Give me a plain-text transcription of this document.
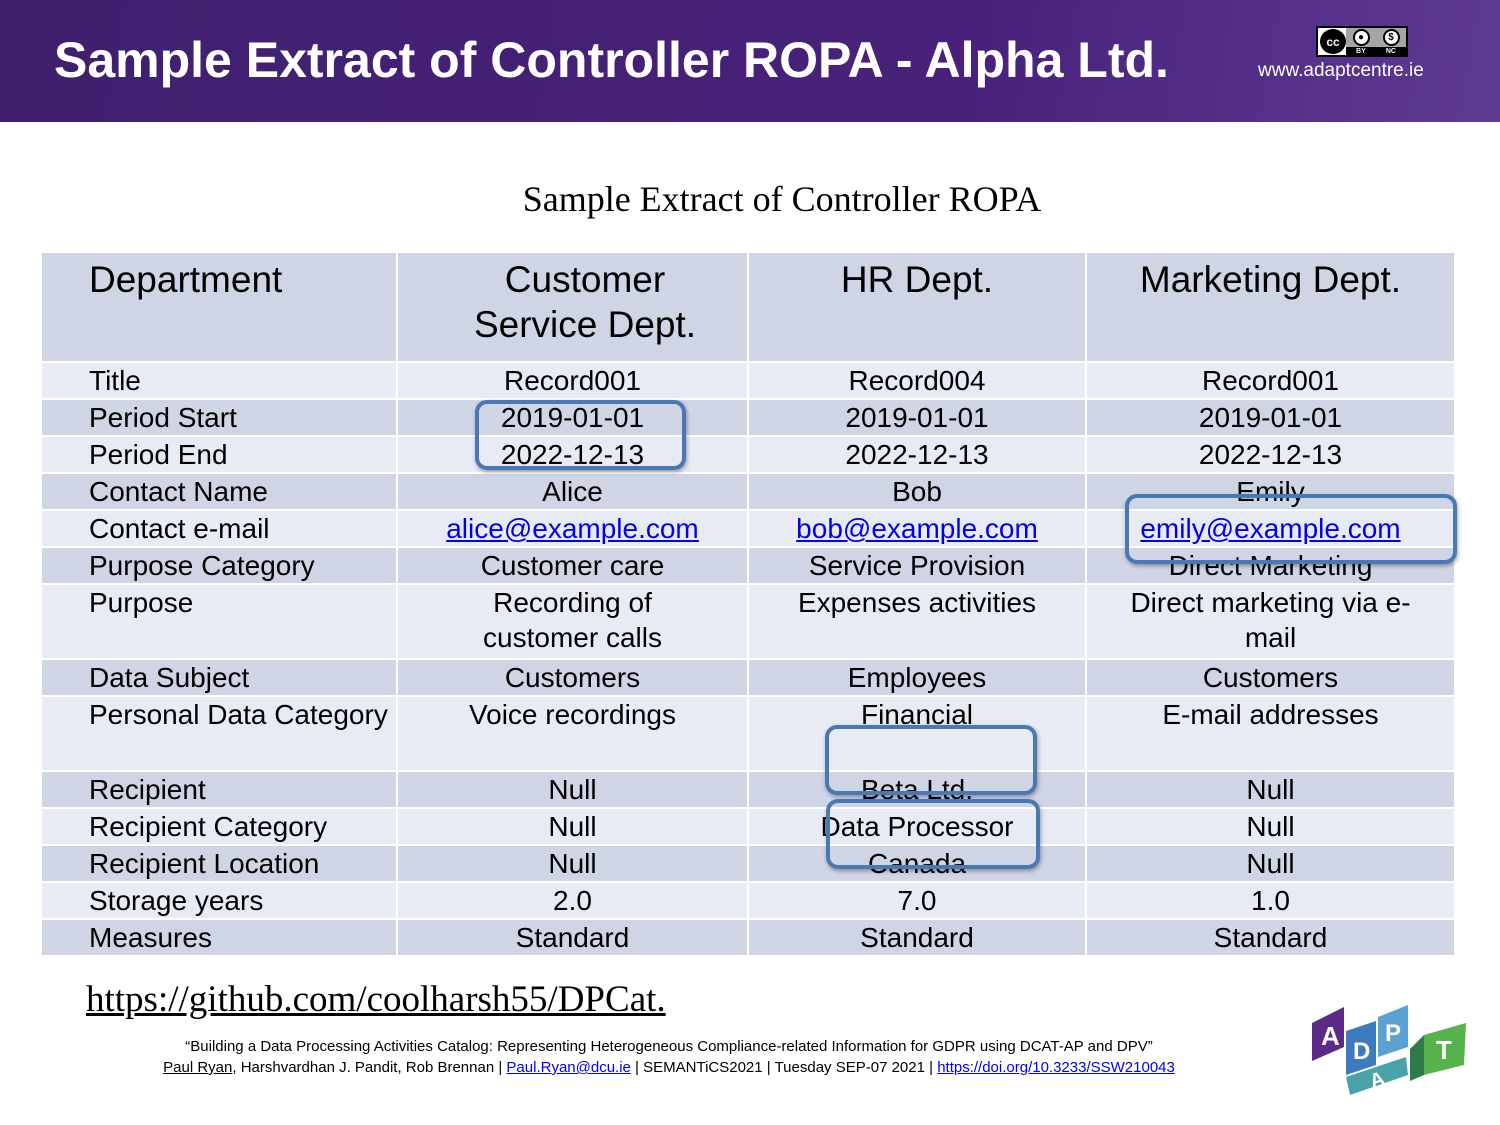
Sample Extract of Controller ROPA - Alpha Ltd.	cc	●	$
BY	NC
www.adaptcentre.ie
Sample Extract of Controller ROPA
Department	Customer Service Dept.	HR Dept.	Marketing Dept.
Title	Record001	Record004	Record001
Period Start	2019-01-01	2019-01-01	2019-01-01
Period End	2022-12-13	2022-12-13	2022-12-13
Contact Name	Alice	Bob	Emily
Contact e-mail	alice@example.com	bob@example.com	emily@example.com
Purpose Category	Customer care	Service Provision	Direct Marketing
Purpose	Recording of customer calls	Expenses activities	Direct marketing via e-mail

Data Subject	Customers	Employees	Customers
Personal Data Category	Voice recordings	Financial	E-mail addresses
Recipient	Null	Beta Ltd.	Null
Recipient Category	Null	Data Processor	Null
Recipient Location	Null	Canada	Null
Storage years	2.0	7.0	1.0
Measures	Standard	Standard	Standard
https://github.com/coolharsh55/DPCat.
“Building a Data Processing Activities Catalog: Representing Heterogeneous Compliance-related Information for GDPR using DCAT-AP and DPV”
Paul Ryan, Harshvardhan J. Pandit, Rob Brennan | Paul.Ryan@dcu.ie | SEMANTiCS2021 | Tuesday SEP-07 2021 | https://doi.org/10.3233/SSW210043
A
D
A
P
T
